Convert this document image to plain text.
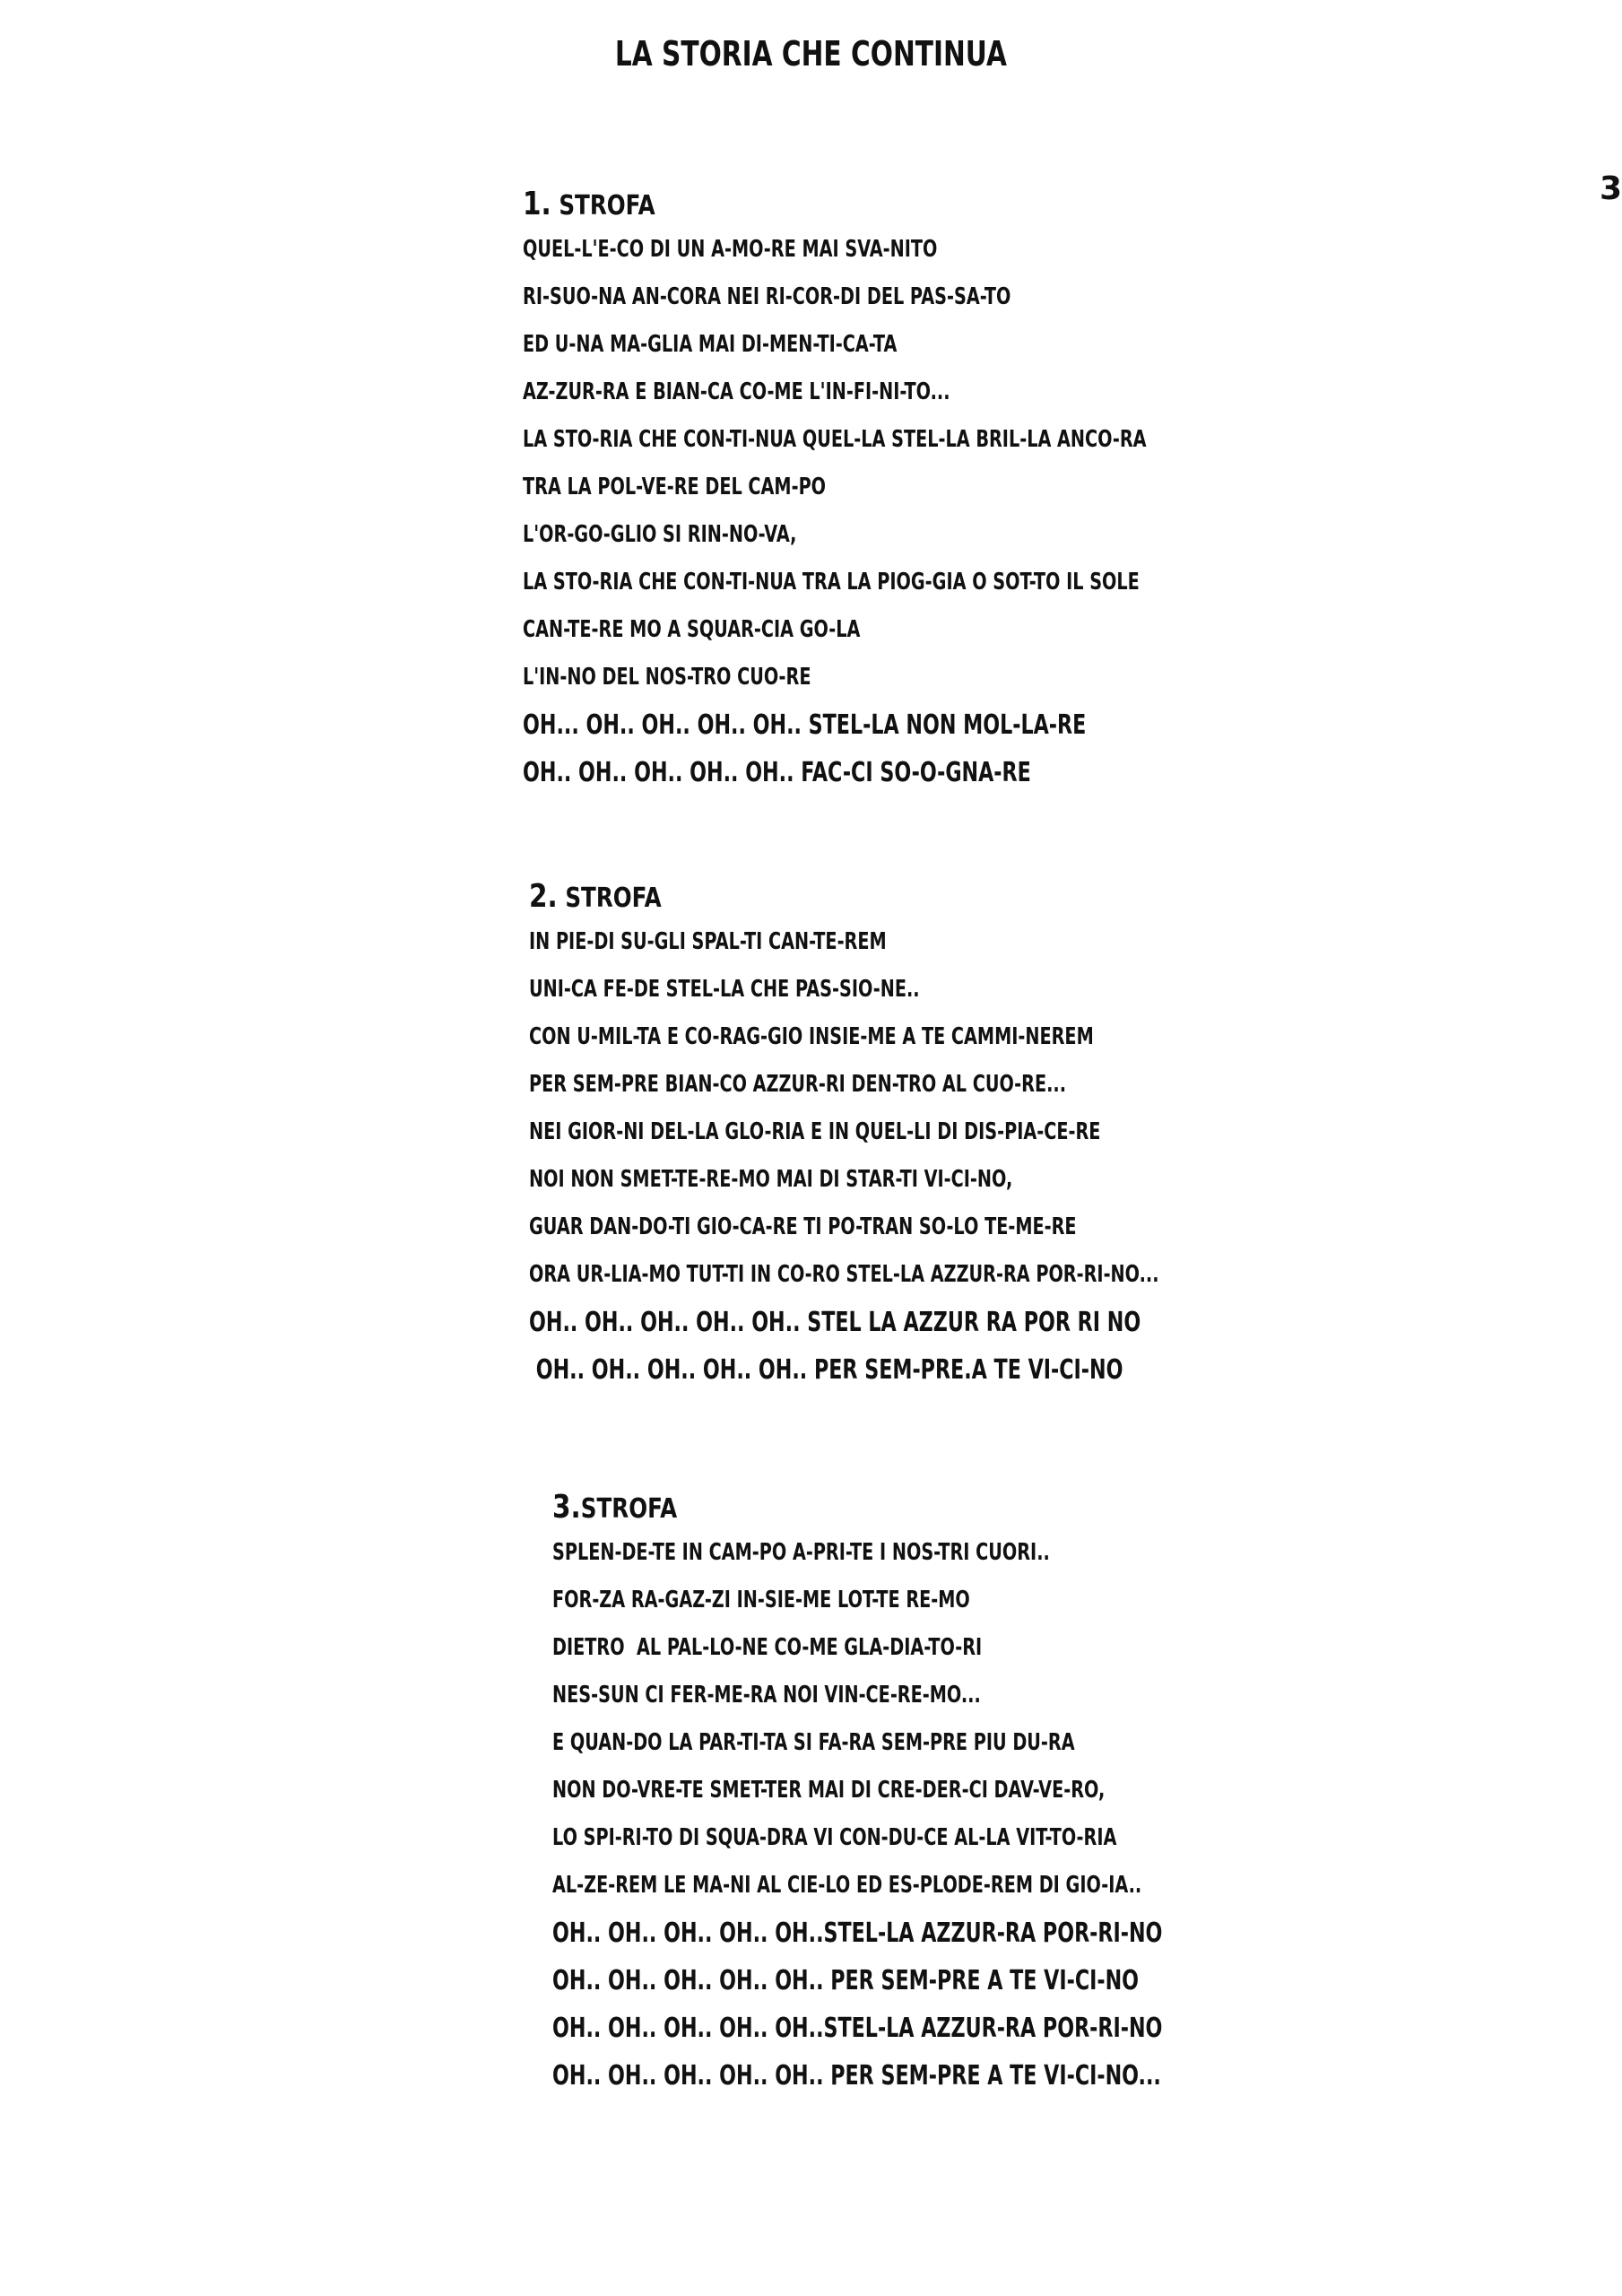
LA STORIA CHE CONTINUA
3
1. STROFA
QUEL-L'E-CO DI UN A-MO-RE MAI SVA-NITO
RI-SUO-NA AN-CORA NEI RI-COR-DI DEL PAS-SA-TO
ED U-NA MA-GLIA MAI DI-MEN-TI-CA-TA
AZ-ZUR-RA E BIAN-CA CO-ME L'IN-FI-NI-TO...
LA STO-RIA CHE CON-TI-NUA QUEL-LA STEL-LA BRIL-LA ANCO-RA
TRA LA POL-VE-RE DEL CAM-PO
L'OR-GO-GLIO SI RIN-NO-VA,
LA STO-RIA CHE CON-TI-NUA TRA LA PIOG-GIA O SOT-TO IL SOLE
CAN-TE-RE MO A SQUAR-CIA GO-LA
L'IN-NO DEL NOS-TRO CUO-RE
OH... OH.. OH.. OH.. OH.. STEL-LA NON MOL-LA-RE
OH.. OH.. OH.. OH.. OH.. FAC-CI SO-O-GNA-RE
2. STROFA
IN PIE-DI SU-GLI SPAL-TI CAN-TE-REM
UNI-CA FE-DE STEL-LA CHE PAS-SIO-NE..
CON U-MIL-TA E CO-RAG-GIO INSIE-ME A TE CAMMI-NEREM
PER SEM-PRE BIAN-CO AZZUR-RI DEN-TRO AL CUO-RE...
NEI GIOR-NI DEL-LA GLO-RIA E IN QUEL-LI DI DIS-PIA-CE-RE
NOI NON SMET-TE-RE-MO MAI DI STAR-TI VI-CI-NO,
GUAR DAN-DO-TI GIO-CA-RE TI PO-TRAN SO-LO TE-ME-RE
ORA UR-LIA-MO TUT-TI IN CO-RO STEL-LA AZZUR-RA POR-RI-NO...
OH.. OH.. OH.. OH.. OH.. STEL LA AZZUR RA POR RI NO
OH.. OH.. OH.. OH.. OH.. PER SEM-PRE.A TE VI-CI-NO
3.STROFA
SPLEN-DE-TE IN CAM-PO A-PRI-TE I NOS-TRI CUORI..
FOR-ZA RA-GAZ-ZI IN-SIE-ME LOT-TE RE-MO
DIETRO  AL PAL-LO-NE CO-ME GLA-DIA-TO-RI
NES-SUN CI FER-ME-RA NOI VIN-CE-RE-MO...
E QUAN-DO LA PAR-TI-TA SI FA-RA SEM-PRE PIU DU-RA
NON DO-VRE-TE SMET-TER MAI DI CRE-DER-CI DAV-VE-RO,
LO SPI-RI-TO DI SQUA-DRA VI CON-DU-CE AL-LA VIT-TO-RIA
AL-ZE-REM LE MA-NI AL CIE-LO ED ES-PLODE-REM DI GIO-IA..
OH.. OH.. OH.. OH.. OH..STEL-LA AZZUR-RA POR-RI-NO
OH.. OH.. OH.. OH.. OH.. PER SEM-PRE A TE VI-CI-NO
OH.. OH.. OH.. OH.. OH..STEL-LA AZZUR-RA POR-RI-NO
OH.. OH.. OH.. OH.. OH.. PER SEM-PRE A TE VI-CI-NO...
